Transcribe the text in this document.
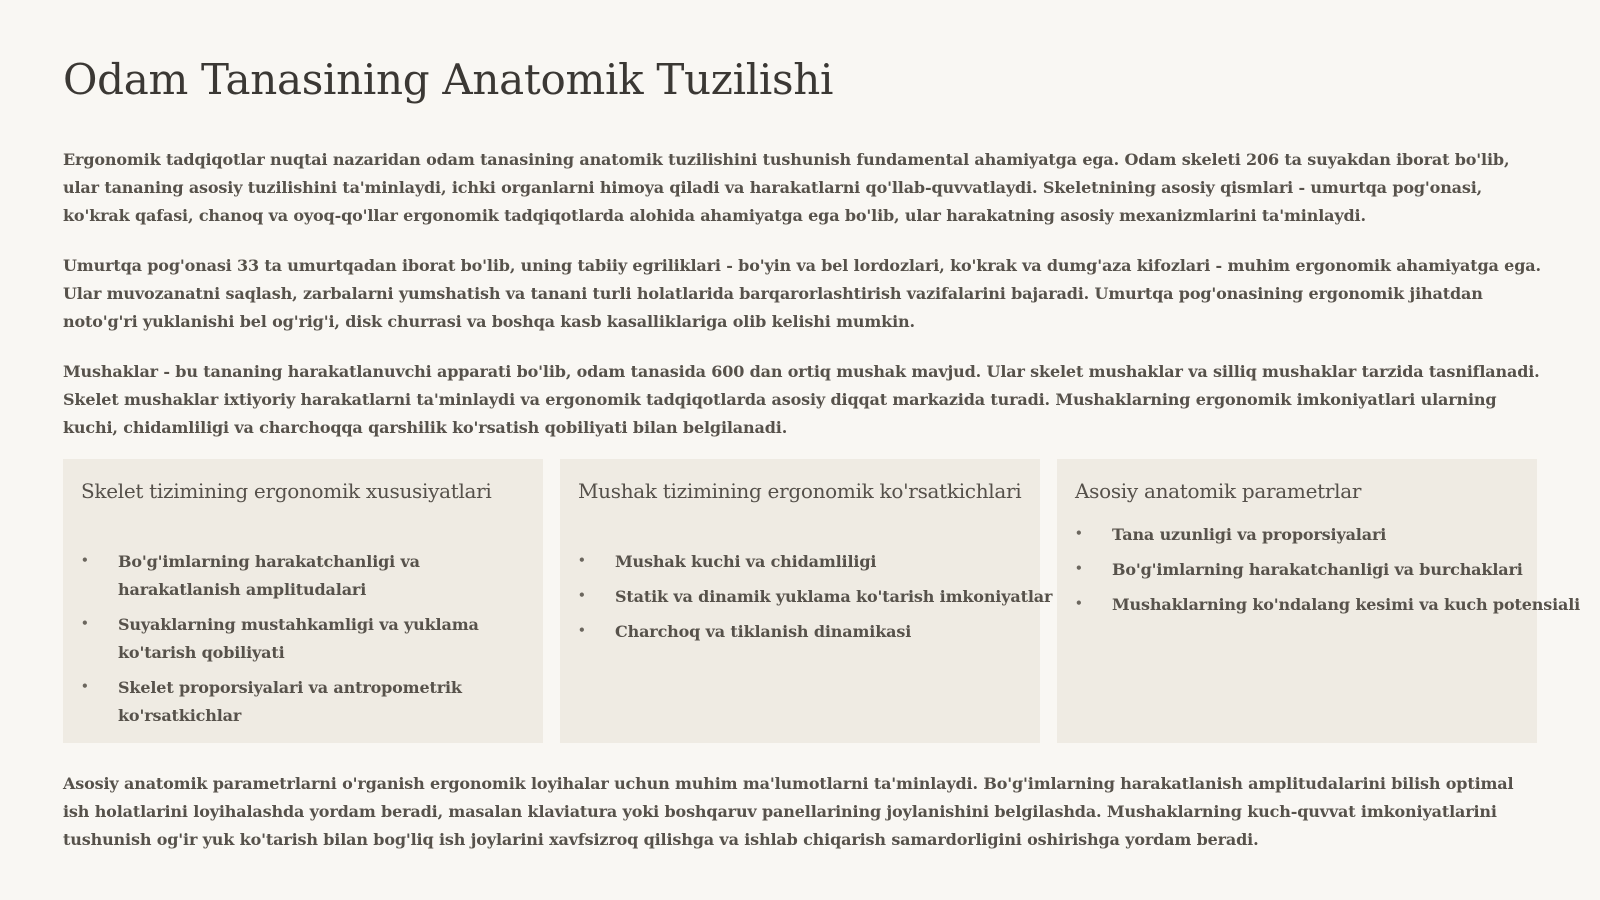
Odam Tanasining Anatomik Tuzilishi

Ergonomik tadqiqotlar nuqtai nazaridan odam tanasining anatomik tuzilishini tushunish fundamental ahamiyatga ega. Odam skeleti 206 ta suyakdan iborat bo'lib, ular tananing asosiy tuzilishini ta'minlaydi, ichki organlarni himoya qiladi va harakatlarni qo'llab-quvvatlaydi. Skeletnining asosiy qismlari - umurtqa pog'onasi, ko'krak qafasi, chanoq va oyoq-qo'llar ergonomik tadqiqotlarda alohida ahamiyatga ega bo'lib, ular harakatning asosiy mexanizmlarini ta'minlaydi.

Umurtqa pog'onasi 33 ta umurtqadan iborat bo'lib, uning tabiiy egriliklari - bo'yin va bel lordozlari, ko'krak va dumg'aza kifozlari - muhim ergonomik ahamiyatga ega. Ular muvozanatni saqlash, zarbalarni yumshatish va tanani turli holatlarida barqarorlashtirish vazifalarini bajaradi. Umurtqa pog'onasining ergonomik jihatdan noto'g'ri yuklanishi bel og'rig'i, disk churrasi va boshqa kasb kasalliklariga olib kelishi mumkin.

Mushaklar - bu tananing harakatlanuvchi apparati bo'lib, odam tanasida 600 dan ortiq mushak mavjud. Ular skelet mushaklar va silliq mushaklar tarzida tasniflanadi. Skelet mushaklar ixtiyoriy harakatlarni ta'minlaydi va ergonomik tadqiqotlarda asosiy diqqat markazida turadi. Mushaklarning ergonomik imkoniyatlari ularning kuchi, chidamliligi va charchoqqa qarshilik ko'rsatish qobiliyati bilan belgilanadi.

Skelet tizimining ergonomik xususiyatlari
• Bo'g'imlarning harakatchanligi va harakatlanish amplitudalari
• Suyaklarning mustahkamligi va yuklama ko'tarish qobiliyati
• Skelet proporsiyalari va antropometrik ko'rsatkichlar
Mushak tizimining ergonomik ko'rsatkichlari
• Mushak kuchi va chidamliligi
• Statik va dinamik yuklama ko'tarish imkoniyatlar
• Charchoq va tiklanish dinamikasi
Asosiy anatomik parametrlar
• Tana uzunligi va proporsiyalari
• Bo'g'imlarning harakatchanligi va burchaklari
• Mushaklarning ko'ndalang kesimi va kuch potensiali

Asosiy anatomik parametrlarni o'rganish ergonomik loyihalar uchun muhim ma'lumotlarni ta'minlaydi. Bo'g'imlarning harakatlanish amplitudalarini bilish optimal ish holatlarini loyihalashda yordam beradi, masalan klaviatura yoki boshqaruv panellarining joylanishini belgilashda. Mushaklarning kuch-quvvat imkoniyatlarini tushunish og'ir yuk ko'tarish bilan bog'liq ish joylarini xavfsizroq qilishga va ishlab chiqarish samardorligini oshirishga yordam beradi.
